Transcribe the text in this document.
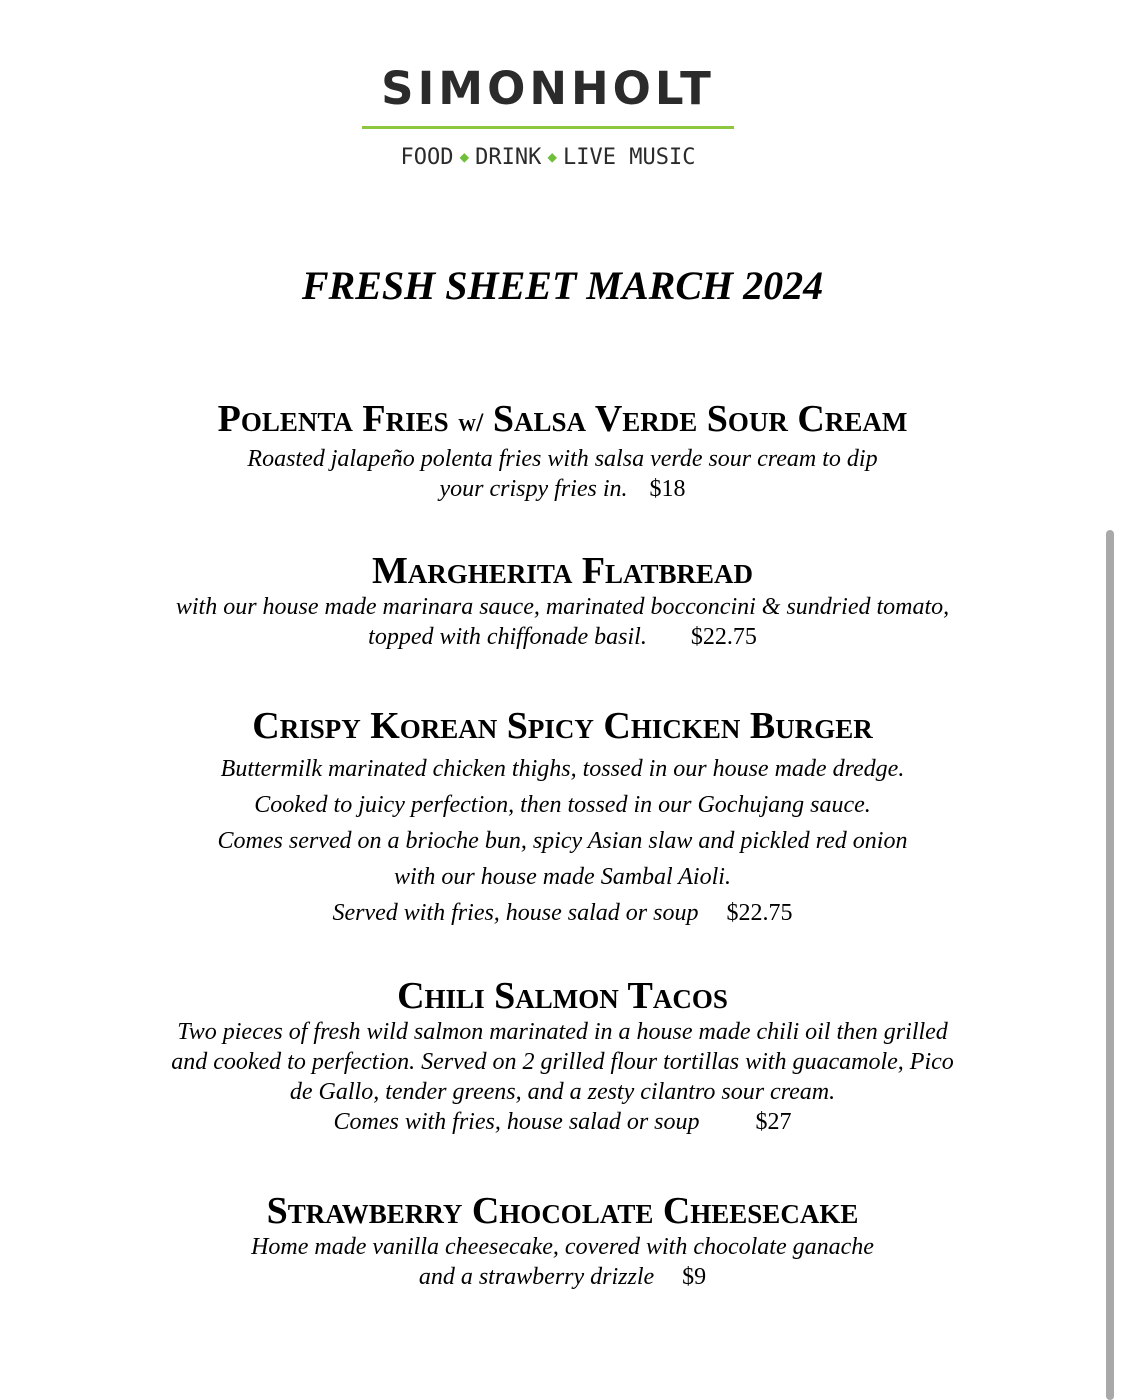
SIMONHOLT
FOOD ◆ DRINK ◆ LIVE MUSIC
FRESH SHEET MARCH 2024
Polenta Fries w/ Salsa Verde Sour Cream
Roasted jalapeño polenta fries with salsa verde sour cream to dip
your crispy fries in. $18
Margherita Flatbread
with our house made marinara sauce, marinated bocconcini & sundried tomato,
topped with chiffonade basil. $22.75
Crispy Korean Spicy Chicken Burger
Buttermilk marinated chicken thighs, tossed in our house made dredge.
Cooked to juicy perfection, then tossed in our Gochujang sauce.
Comes served on a brioche bun, spicy Asian slaw and pickled red onion
with our house made Sambal Aioli.
Served with fries, house salad or soup $22.75
Chili Salmon Tacos
Two pieces of fresh wild salmon marinated in a house made chili oil then grilled
and cooked to perfection. Served on 2 grilled flour tortillas with guacamole, Pico
de Gallo, tender greens, and a zesty cilantro sour cream.
Comes with fries, house salad or soup $27
Strawberry Chocolate Cheesecake
Home made vanilla cheesecake, covered with chocolate ganache
and a strawberry drizzle $9
